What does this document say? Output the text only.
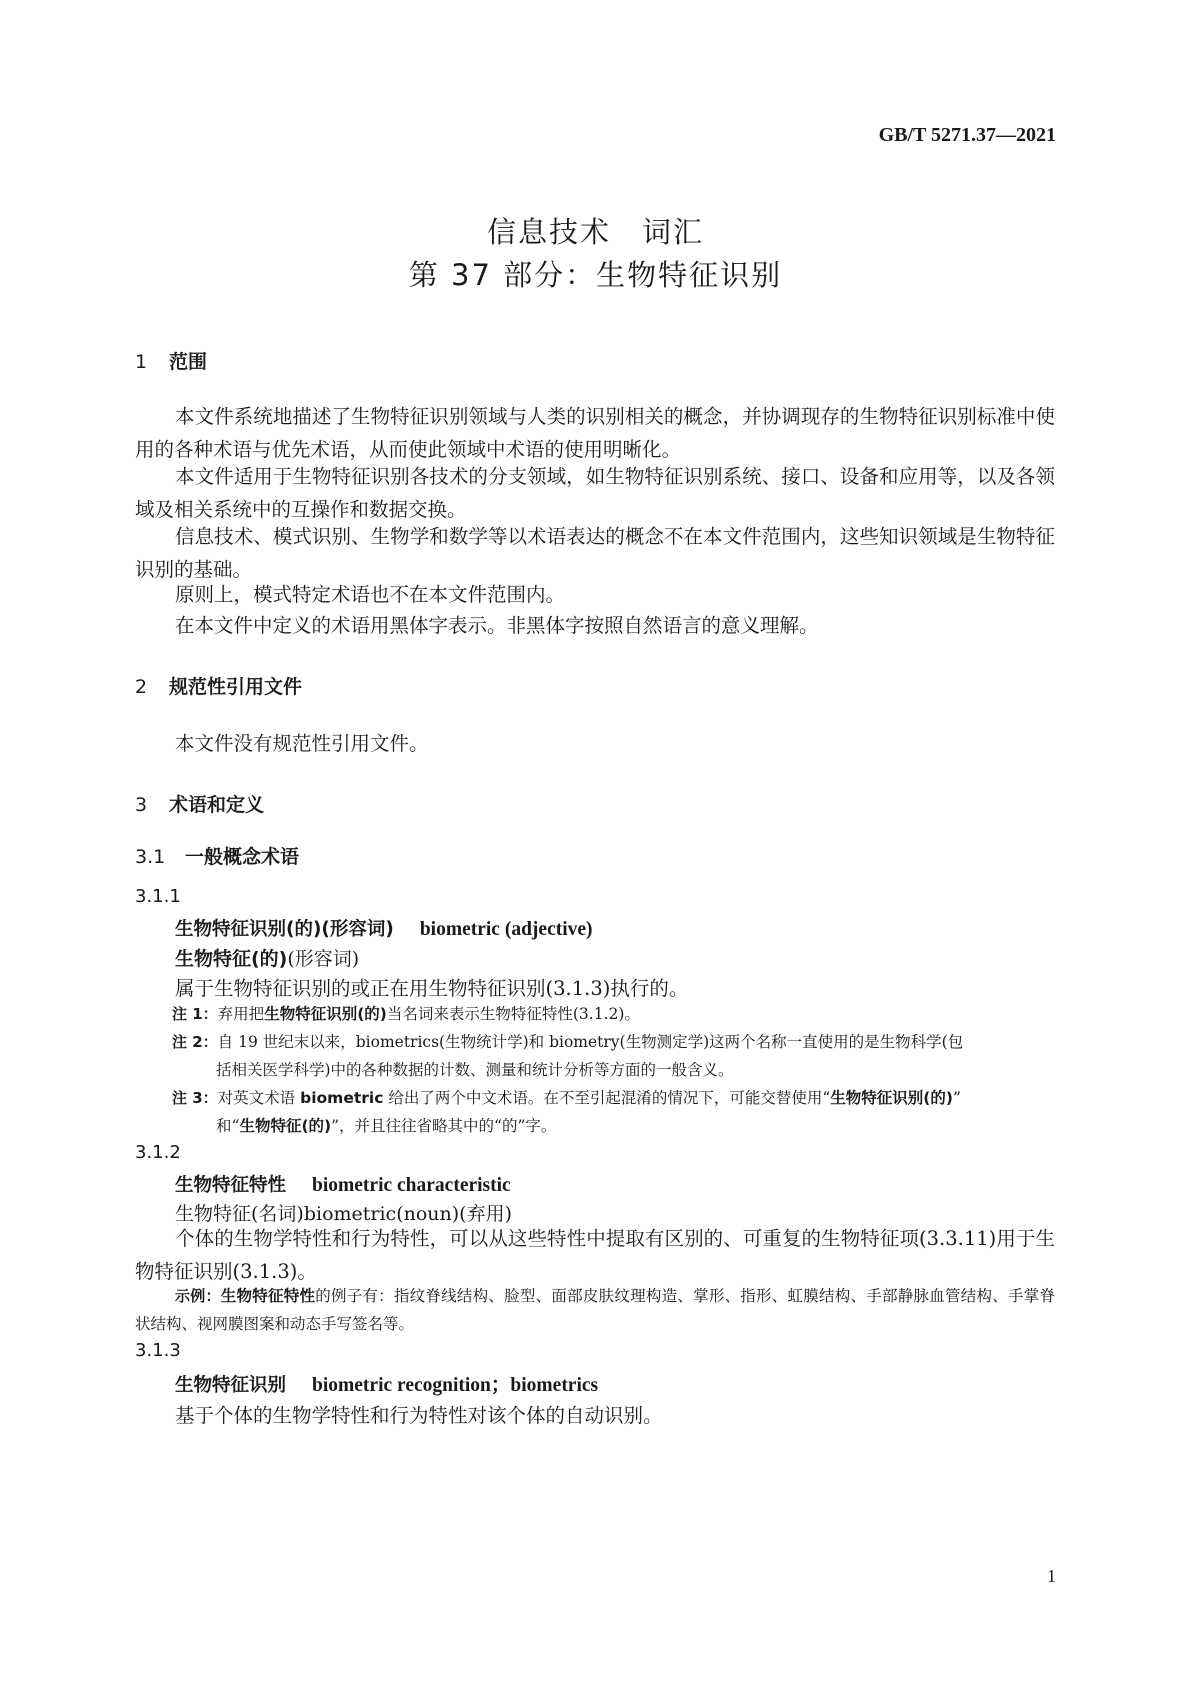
GB/T 5271.37—2021
信息技术　词汇
第 37 部分：生物特征识别
1 范围
本文件系统地描述了生物特征识别领域与人类的识别相关的概念，并协调现存的生物特征识别标准中使用的各种术语与优先术语，从而使此领域中术语的使用明晰化。
本文件适用于生物特征识别各技术的分支领域，如生物特征识别系统、接口、设备和应用等，以及各领域及相关系统中的互操作和数据交换。
信息技术、模式识别、生物学和数学等以术语表达的概念不在本文件范围内，这些知识领域是生物特征识别的基础。
原则上，模式特定术语也不在本文件范围内。
在本文件中定义的术语用黑体字表示。非黑体字按照自然语言的意义理解。
2 规范性引用文件
本文件没有规范性引用文件。
3 术语和定义
3.1 一般概念术语
3.1.1
生物特征识别(的)(形容词) biometric (adjective)
生物特征(的)(形容词)
属于生物特征识别的或正在用生物特征识别(3.1.3)执行的。
注 1：弃用把生物特征识别(的)当名词来表示生物特征特性(3.1.2)。
注 2：自 19 世纪末以来，biometrics(生物统计学)和 biometry(生物测定学)这两个名称一直使用的是生物科学(包
括相关医学科学)中的各种数据的计数、测量和统计分析等方面的一般含义。
注 3：对英文术语 biometric 给出了两个中文术语。在不至引起混淆的情况下，可能交替使用“生物特征识别(的)”
和“生物特征(的)”，并且往往省略其中的“的”字。
3.1.2
生物特征特性 biometric characteristic
生物特征(名词)biometric(noun)(弃用)
个体的生物学特性和行为特性，可以从这些特性中提取有区别的、可重复的生物特征项(3.3.11)用于生物特征识别(3.1.3)。
示例：生物特征特性的例子有：指纹脊线结构、脸型、面部皮肤纹理构造、掌形、指形、虹膜结构、手部静脉血管结构、手掌脊状结构、视网膜图案和动态手写签名等。
3.1.3
生物特征识别 biometric recognition；biometrics
基于个体的生物学特性和行为特性对该个体的自动识别。
1
